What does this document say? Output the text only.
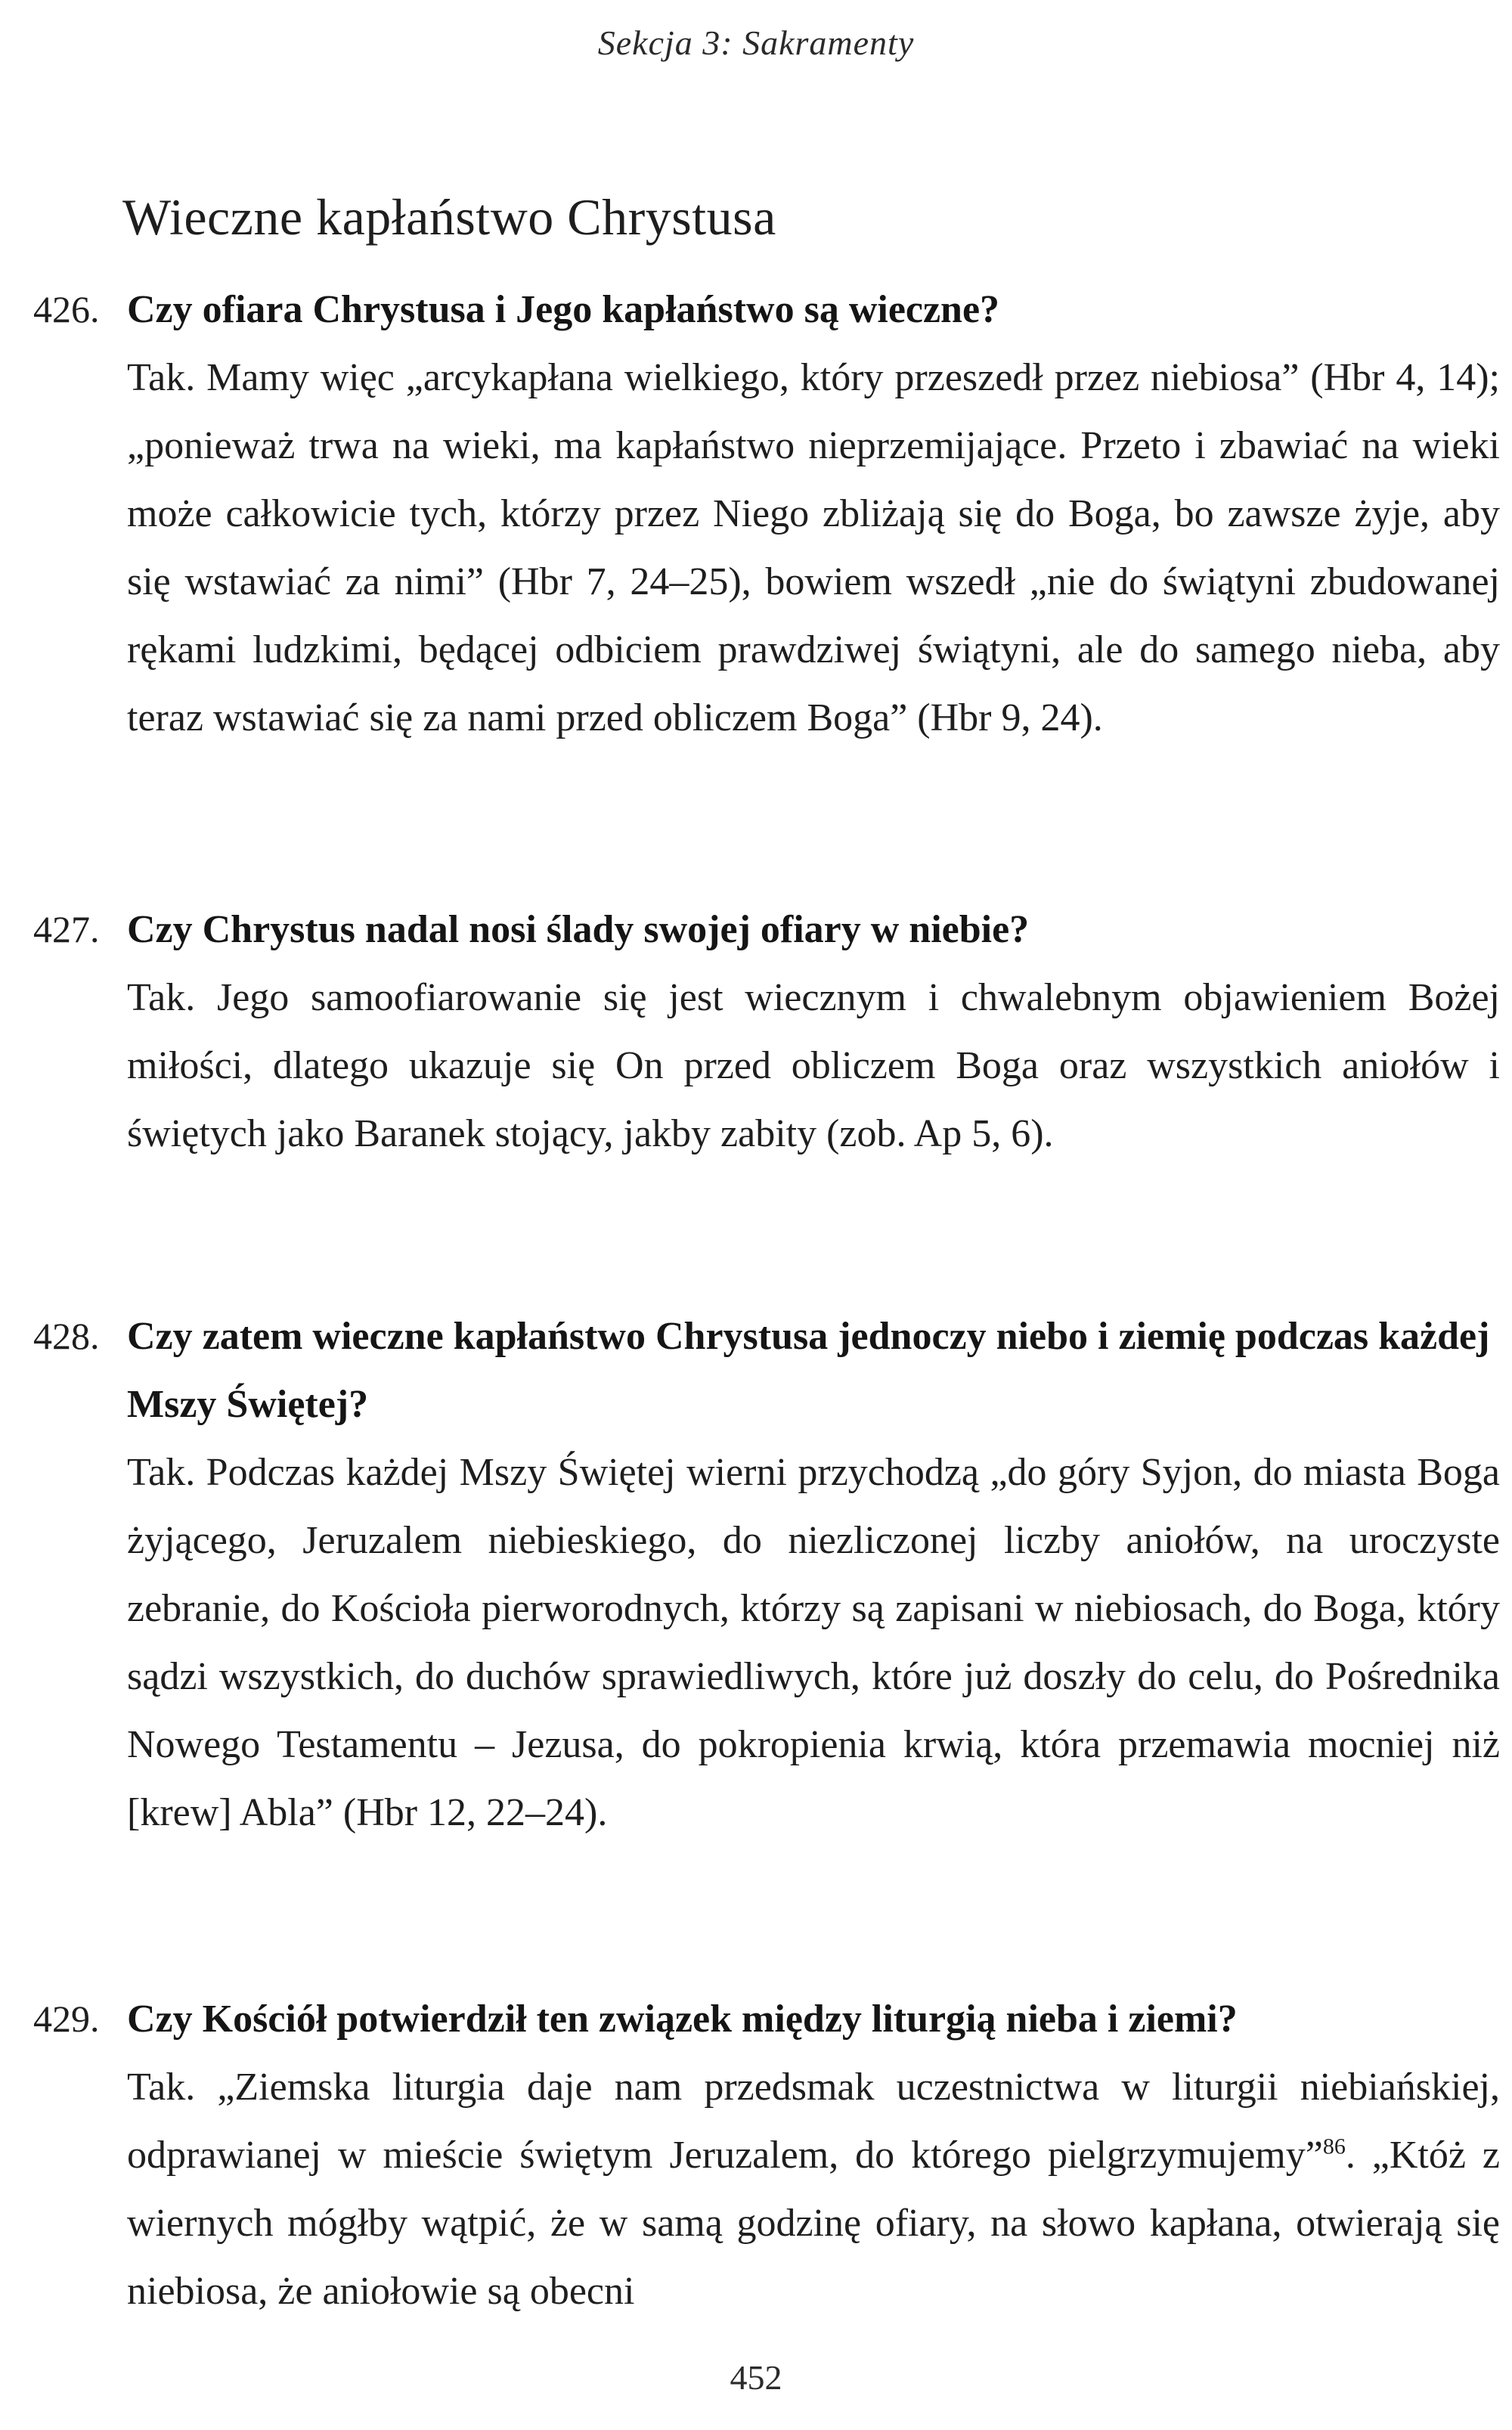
Sekcja 3: Sakramenty
Wieczne kapłaństwo Chrystusa
426. Czy ofiara Chrystusa i Jego kapłaństwo są wieczne?
Tak. Mamy więc „arcykapłana wielkiego, który przeszedł przez niebiosa” (Hbr 4, 14); „ponieważ trwa na wieki, ma kapłaństwo nieprzemijające. Przeto i zbawiać na wieki może całkowicie tych, którzy przez Niego zbliżają się do Boga, bo zawsze żyje, aby się wstawiać za nimi” (Hbr 7, 24–25), bowiem wszedł „nie do świątyni zbudowanej rękami ludzkimi, będącej odbiciem prawdziwej świątyni, ale do samego nieba, aby teraz wstawiać się za nami przed obliczem Boga” (Hbr 9, 24).
427. Czy Chrystus nadal nosi ślady swojej ofiary w niebie?
Tak. Jego samoofiarowanie się jest wiecznym i chwalebnym objawieniem Bożej miłości, dlatego ukazuje się On przed obliczem Boga oraz wszystkich aniołów i świętych jako Baranek stojący, jakby zabity (zob. Ap 5, 6).
428. Czy zatem wieczne kapłaństwo Chrystusa jednoczy niebo i ziemię podczas każdej Mszy Świętej?
Tak. Podczas każdej Mszy Świętej wierni przychodzą „do góry Syjon, do miasta Boga żyjącego, Jeruzalem niebieskiego, do niezliczonej liczby aniołów, na uroczyste zebranie, do Kościoła pierworodnych, którzy są zapisani w niebiosach, do Boga, który sądzi wszystkich, do duchów sprawiedliwych, które już doszły do celu, do Pośrednika Nowego Testamentu – Jezusa, do pokropienia krwią, która przemawia mocniej niż [krew] Abla” (Hbr 12, 22–24).
429. Czy Kościół potwierdził ten związek między liturgią nieba i ziemi?
Tak. „Ziemska liturgia daje nam przedsmak uczestnictwa w liturgii niebiańskiej, odprawianej w mieście świętym Jeruzalem, do którego pielgrzymujemy”$^{86}$. „Któż z wiernych mógłby wątpić, że w samą godzinę ofiary, na słowo kapłana, otwierają się niebiosa, że aniołowie są obecni
452
